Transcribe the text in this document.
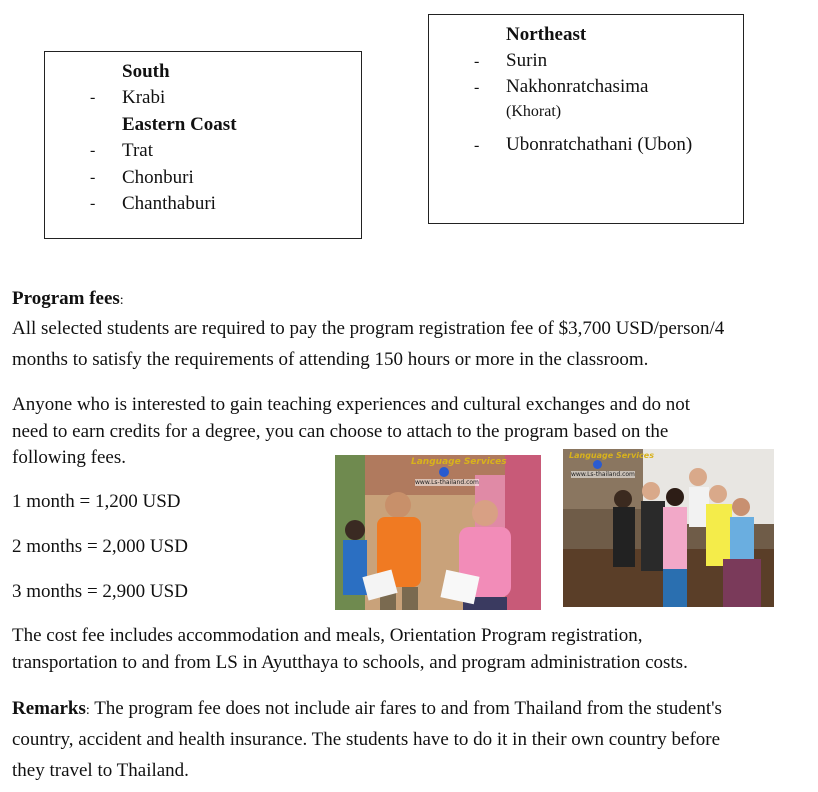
South
- Krabi
Eastern Coast
- Trat
- Chonburi
- Chanthaburi
Northeast
- Surin
- Nakhonratchasima
(Khorat)
- Ubonratchathani (Ubon)
Program fees:
All selected students are required to pay the program registration fee of $3,700 USD/person/4
months to satisfy the requirements of attending 150 hours or more in the classroom.
Anyone who is interested to gain teaching experiences and cultural exchanges and do not
need to earn credits for a degree, you can choose to attach to the program based on the
following fees.
1 month = 1,200 USD
2 months = 2,000 USD
3 months = 2,900 USD
Language Services
www.Ls-thailand.com
Language Services
www.Ls-thailand.com
The cost fee includes accommodation and meals, Orientation Program registration,
transportation to and from LS in Ayutthaya to schools, and program administration costs.
Remarks: The program fee does not include air fares to and from Thailand from the student's
country, accident and health insurance. The students have to do it in their own country before
they travel to Thailand.
